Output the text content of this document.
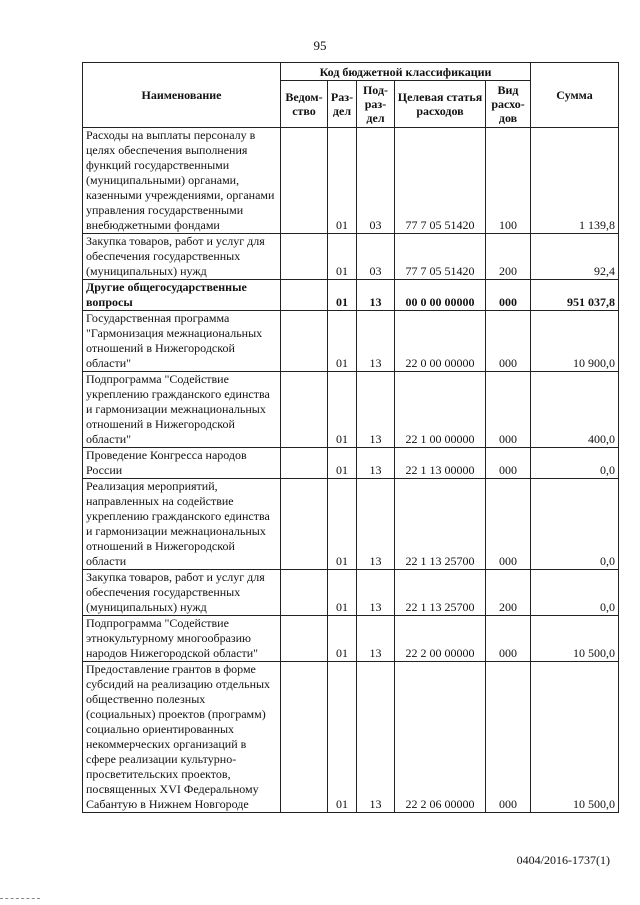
95
Наименование	Код бюджетной классификации					Сумма
	Ведом-ство	Раз-дел	Под-раз-дел	Целевая статья расходов	Вид расхо-дов	
Расходы на выплаты персоналу в целях обеспечения выполнения функций государственными (муниципальными) органами, казенными учреждениями, органами управления государственными внебюджетными фондами		01	03	77 7 05 51420	100	1 139,8
Закупка товаров, работ и услуг для обеспечения государственных (муниципальных) нужд		01	03	77 7 05 51420	200	92,4
Другие общегосударственные вопросы		01	13	00 0 00 00000	000	951 037,8
Государственная программа "Гармонизация межнациональных отношений в Нижегородской области"		01	13	22 0 00 00000	000	10 900,0
Подпрограмма "Содействие укреплению гражданского единства и гармонизации межнациональных отношений в Нижегородской области"		01	13	22 1 00 00000	000	400,0
Проведение Конгресса народов России		01	13	22 1 13 00000	000	0,0
Реализация мероприятий, направленных на содействие укреплению гражданского единства и гармонизации межнациональных отношений в Нижегородской области		01	13	22 1 13 25700	000	0,0
Закупка товаров, работ и услуг для обеспечения государственных (муниципальных) нужд		01	13	22 1 13 25700	200	0,0
Подпрограмма "Содействие этнокультурному многообразию народов Нижегородской области"		01	13	22 2 00 00000	000	10 500,0
Предоставление грантов в форме субсидий на реализацию отдельных общественно полезных (социальных) проектов (программ) социально ориентированных некоммерческих организаций в сфере реализации культурно-просветительских проектов, посвященных XVI Федеральному Сабантую в Нижнем Новгороде		01	13	22 2 06 00000	000	10 500,0
0404/2016-1737(1)
